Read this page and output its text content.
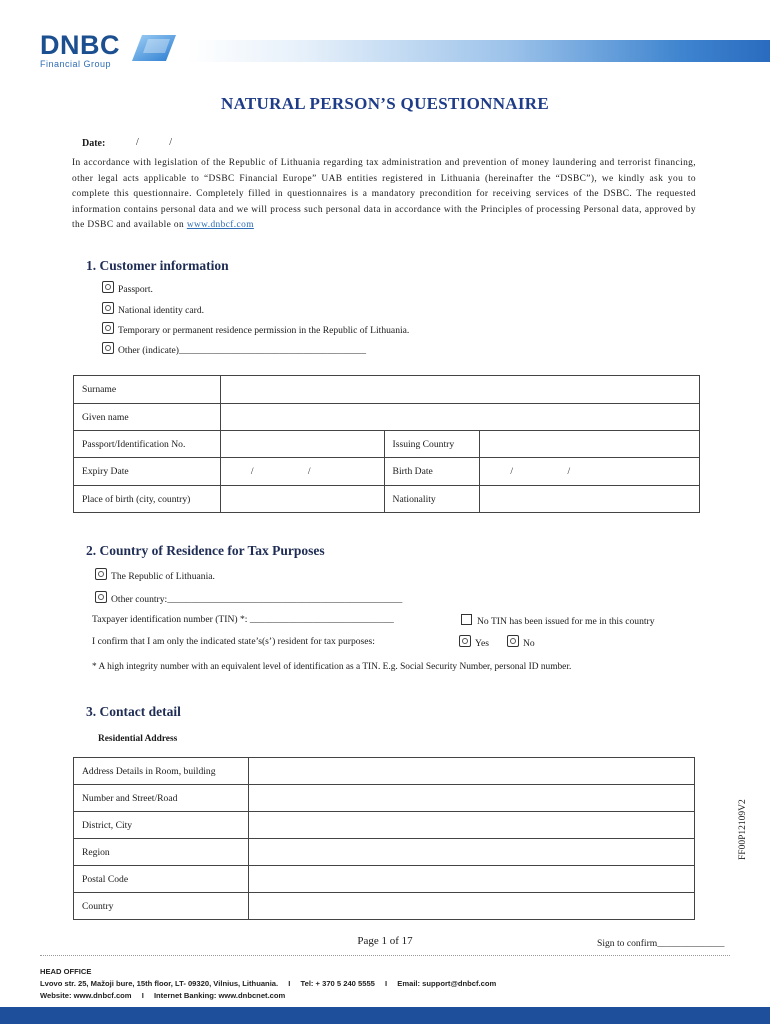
DNBC
Financial Group
NATURAL PERSON’S QUESTIONNAIRE
Date:	/ /
In accordance with legislation of the Republic of Lithuania regarding tax administration and prevention of money laundering and terrorist financing, other legal acts applicable to “DSBC Financial Europe” UAB entities registered in Lithuania (hereinafter the “DSBC”), we kindly ask you to complete this questionnaire. Completely filled in questionnaires is a mandatory precondition for receiving services of the DSBC. The requested information contains personal data and we will process such personal data in accordance with the Principles of processing Personal data, approved by the DSBC and available on www.dnbcf.com
1. Customer information
Passport.
National identity card.
Temporary or permanent residence permission in the Republic of Lithuania.
Other (indicate)_______________________________________
Surname			
Given name			
Passport/Identification No.		Issuing Country	
Expiry Date	/ /	Birth Date	/ /
Place of birth (city, country)		Nationality	
2. Country of Residence for Tax Purposes
The Republic of Lithuania.
Other country:_________________________________________________
Taxpayer identification number (TIN) *: ______________________________	No TIN has been issued for me in this country
I confirm that I am only the indicated state’s(s’) resident for tax purposes:	Yes	No
* A high integrity number with an equivalent level of identification as a TIN. E.g. Social Security Number, personal ID number.
3. Contact detail
Residential Address
Address Details in Room, building	
Number and Street/Road	
District, City	
Region	
Postal Code	
Country	
FF00P12109V2
Page 1 of 17	Sign to confirm______________
HEAD OFFICE
Lvovo str. 25, Mažoji bure, 15th floor, LT- 09320, Vilnius, Lithuania. I Tel: + 370 5 240 5555 I Email: support@dnbcf.com
Website: www.dnbcf.com I Internet Banking: www.dnbcnet.com
